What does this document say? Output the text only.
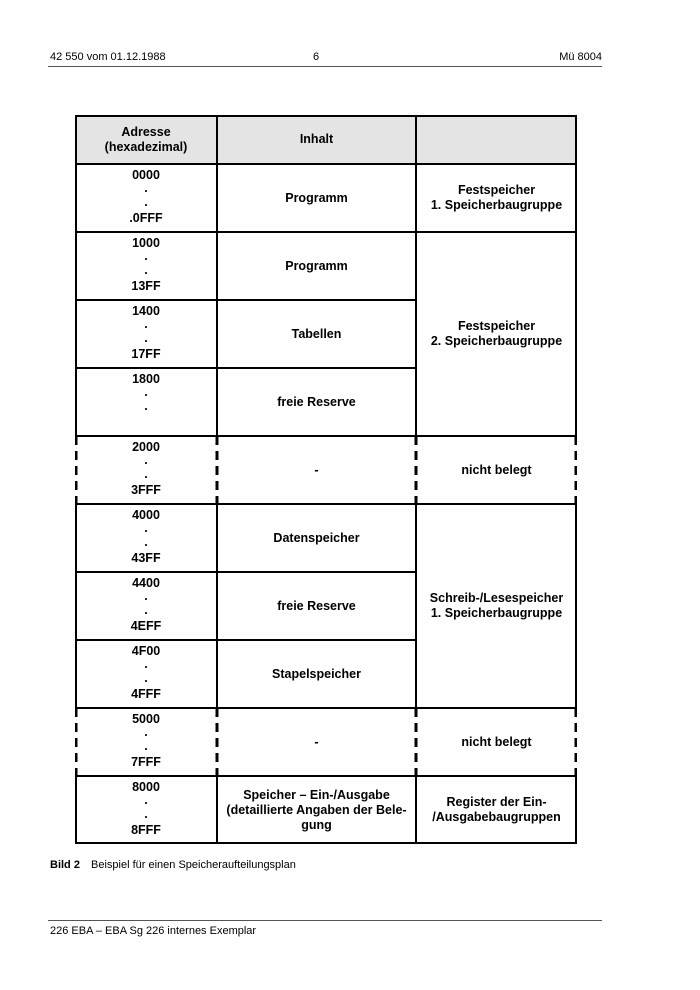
42 550 vom 01.12.1988	6	Mü 8004
Adresse
(hexadezimal)
Inhalt
0000
.
.
.0FFF
1000
.
.
13FF
1400
.
.
17FF
1800
.
.
2000
.
.
3FFF
4000
.
.
43FF
4400
.
.
4EFF
4F00
.
.
4FFF
5000
.
.
7FFF
8000
.
.
8FFF
Programm
Programm
Tabellen
freie Reserve
-
Datenspeicher
freie Reserve
Stapelspeicher
-
Speicher – Ein-/Ausgabe
(detaillierte Angaben der Bele-
gung
Festspeicher
1. Speicherbaugruppe
Festspeicher
2. Speicherbaugruppe
nicht belegt
Schreib-/Lesespeicher
1. Speicherbaugruppe
nicht belegt
Register der Ein-
/Ausgabebaugruppen
Bild 2 Beispiel für einen Speicheraufteilungsplan
226 EBA – EBA Sg 226 internes Exemplar
